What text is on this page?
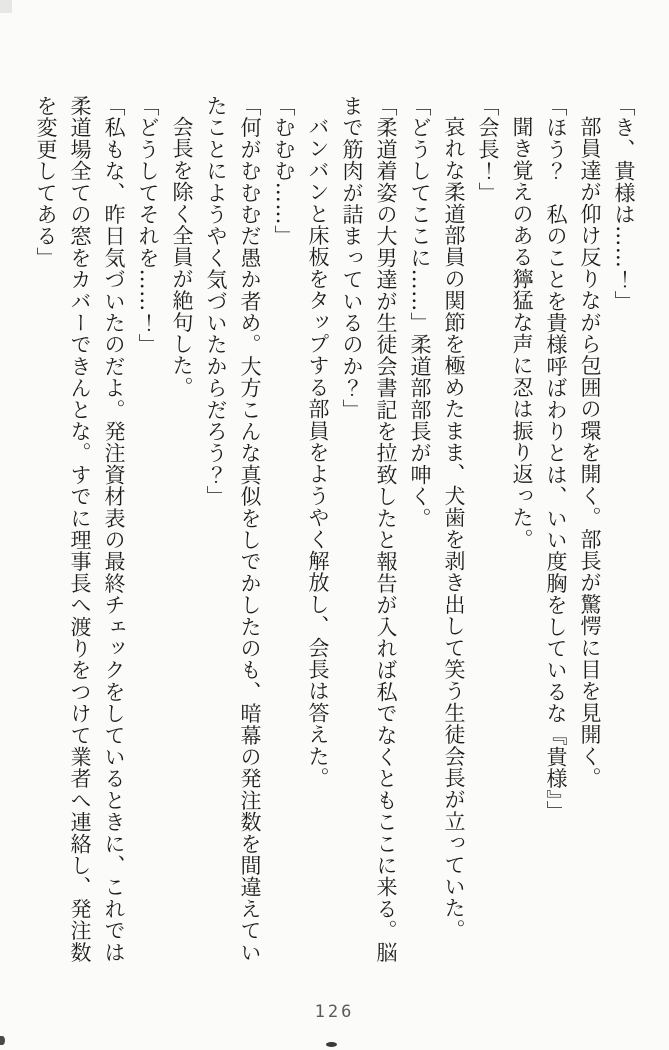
「き、貴様は……！」

部員達が仰け反りながら包囲の環を開く。部長が驚愕に目を見開く。

「ほう？　私のことを貴様呼ばわりとは、いい度胸をしているな『貴様』」

聞き覚えのある獰猛な声に忍は振り返った。

「会長！」

哀れな柔道部員の関節を極めたまま、犬歯を剥き出して笑う生徒会長が立っていた。

「どうしてここに……」柔道部部長が呻く。

「柔道着姿の大男達が生徒会書記を拉致したと報告が入れば私でなくともここに来る。脳

まで筋肉が詰まっているのか？」

バンバンと床板をタップする部員をようやく解放し、会長は答えた。

「むむむ……」

「何がむむむだ愚か者め。大方こんな真似をしでかしたのも、暗幕の発注数を間違えてい

たことにようやく気づいたからだろう？」

会長を除く全員が絶句した。

「どうしてそれを……！」

「私もな、昨日気づいたのだよ。発注資材表の最終チェックをしているときに、これでは

柔道場全ての窓をカバーできんとな。すでに理事長へ渡りをつけて業者へ連絡し、発注数

を変更してある」

126
